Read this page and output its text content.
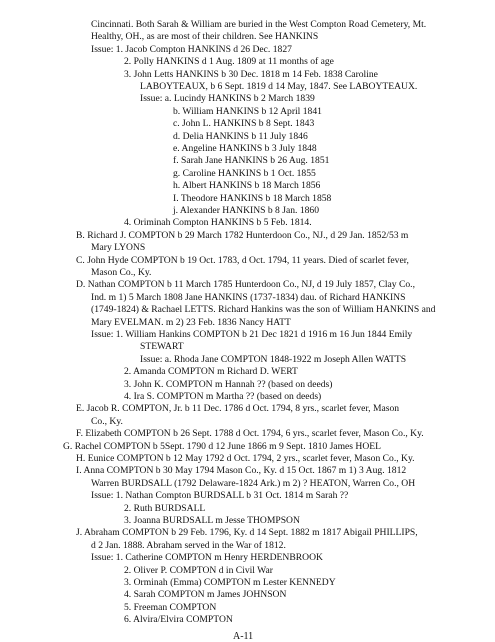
Cincinnati. Both Sarah & William are buried in the West Compton Road Cemetery, Mt.
Healthy, OH., as are most of their children. See HANKINS
Issue: 1. Jacob Compton HANKINS d 26 Dec. 1827
2. Polly HANKINS d 1 Aug. 1809 at 11 months of age
3. John Letts HANKINS b 30 Dec. 1818 m 14 Feb. 1838 Caroline
LABOYTEAUX, b 6 Sept. 1819 d 14 May, 1847. See LABOYTEAUX.
Issue: a. Lucindy HANKINS b 2 March 1839
b. William HANKINS b 12 April 1841
c. John L. HANKINS b 8 Sept. 1843
d. Delia HANKINS b 11 July 1846
e. Angeline HANKINS b 3 July 1848
f. Sarah Jane HANKINS b 26 Aug. 1851
g. Caroline HANKINS b 1 Oct. 1855
h. Albert HANKINS b 18 March 1856
I. Theodore HANKINS b 18 March 1858
j. Alexander HANKINS b 8 Jan. 1860
4. Oriminah Compton HANKINS b 5 Feb. 1814.
B. Richard J. COMPTON b 29 March 1782 Hunterdoon Co., NJ., d 29 Jan. 1852/53 m
Mary LYONS
C. John Hyde COMPTON b 19 Oct. 1783, d Oct. 1794, 11 years. Died of scarlet fever,
Mason Co., Ky.
D. Nathan COMPTON b 11 March 1785 Hunterdoon Co., NJ, d 19 July 1857, Clay Co.,
Ind. m 1) 5 March 1808 Jane HANKINS (1737-1834) dau. of Richard HANKINS
(1749-1824) & Rachael LETTS. Richard Hankins was the son of William HANKINS and
Mary EVELMAN. m 2) 23 Feb. 1836 Nancy HATT
Issue: 1. William Hankins COMPTON b 21 Dec 1821 d 1916 m 16 Jun 1844 Emily
STEWART
Issue: a. Rhoda Jane COMPTON 1848-1922 m Joseph Allen WATTS
2. Amanda COMPTON m Richard D. WERT
3. John K. COMPTON m Hannah ?? (based on deeds)
4. Ira S. COMPTON m Martha ?? (based on deeds)
E. Jacob R. COMPTON, Jr. b 11 Dec. 1786 d Oct. 1794, 8 yrs., scarlet fever, Mason
Co., Ky.
F. Elizabeth COMPTON b 26 Sept. 1788 d Oct. 1794, 6 yrs., scarlet fever, Mason Co., Ky.
G. Rachel COMPTON b 5Sept. 1790 d 12 June 1866 m 9 Sept. 1810 James HOEL
H. Eunice COMPTON b 12 May 1792 d Oct. 1794, 2 yrs., scarlet fever, Mason Co., Ky.
I. Anna COMPTON b 30 May 1794 Mason Co., Ky. d 15 Oct. 1867 m 1) 3 Aug. 1812
Warren BURDSALL (1792 Delaware-1824 Ark.) m 2) ? HEATON, Warren Co., OH
Issue: 1. Nathan Compton BURDSALL b 31 Oct. 1814 m Sarah ??
2. Ruth BURDSALL
3. Joanna BURDSALL m Jesse THOMPSON
J. Abraham COMPTON b 29 Feb. 1796, Ky. d 14 Sept. 1882 m 1817 Abigail PHILLIPS,
d 2 Jan. 1888. Abraham served in the War of 1812.
Issue: 1. Catherine COMPTON m Henry HERDENBROOK
2. Oliver P. COMPTON d in Civil War
3. Orminah (Emma) COMPTON m Lester KENNEDY
4. Sarah COMPTON m James JOHNSON
5. Freeman COMPTON
6. Alvira/Elvira COMPTON
A-11
